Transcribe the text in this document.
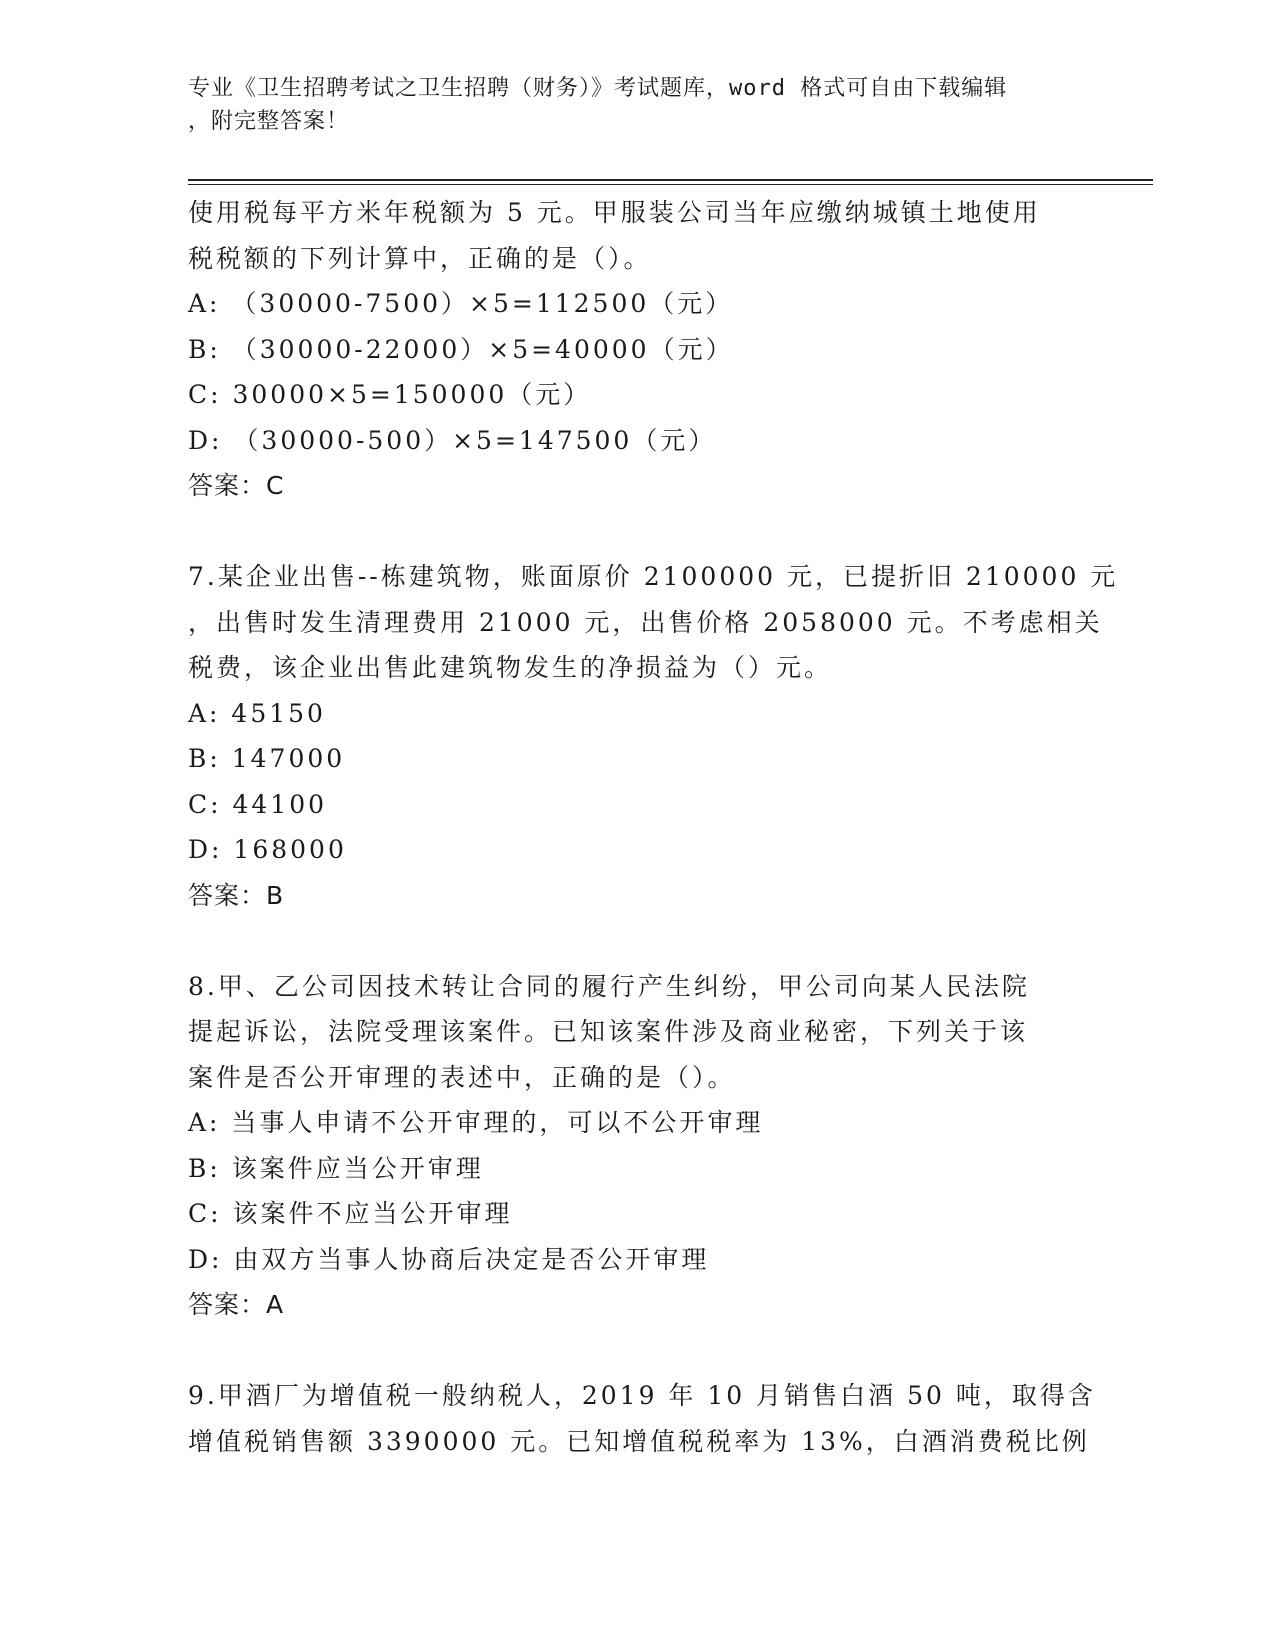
专业《卫生招聘考试之卫生招聘（财务）》考试题库，word 格式可自由下载编辑
，附完整答案！
使用税每平方米年税额为 5 元。甲服装公司当年应缴纳城镇土地使用
税税额的下列计算中，正确的是（）。
A: （30000-7500）×5=112500（元）
B: （30000-22000）×5=40000（元）
C: 30000×5=150000（元）
D: （30000-500）×5=147500（元）
答案：C
7.某企业出售--栋建筑物，账面原价 2100000 元，已提折旧 210000 元
，出售时发生清理费用 21000 元，出售价格 2058000 元。不考虑相关
税费，该企业出售此建筑物发生的净损益为（）元。
A: 45150
B: 147000
C: 44100
D: 168000
答案：B
8.甲、乙公司因技术转让合同的履行产生纠纷，甲公司向某人民法院
提起诉讼，法院受理该案件。已知该案件涉及商业秘密，下列关于该
案件是否公开审理的表述中，正确的是（）。
A: 当事人申请不公开审理的，可以不公开审理
B: 该案件应当公开审理
C: 该案件不应当公开审理
D: 由双方当事人协商后决定是否公开审理
答案：A
9.甲酒厂为增值税一般纳税人，2019 年 10 月销售白酒 50 吨，取得含
增值税销售额 3390000 元。已知增值税税率为 13%，白酒消费税比例
